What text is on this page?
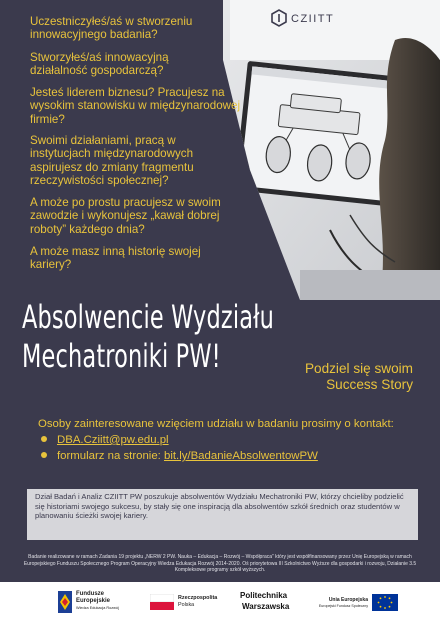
CZIITT
Uczestniczyłeś/aś w stworzeniu innowacyjnego badania?
Stworzyłeś/aś innowacyjną działalność gospodarczą?
Jesteś liderem biznesu? Pracujesz na wysokim stanowisku w międzynarodowej firmie?
Swoimi działaniami, pracą w instytucjach międzynarodowych aspirujesz do zmiany fragmentu rzeczywistości społecznej?
A może po prostu pracujesz w swoim zawodzie i wykonujesz „kawał dobrej roboty” każdego dnia?
A może masz inną historię swojej kariery?
Absolwencie Wydziału
Mechatroniki PW!	Podziel się swoim
Success Story
Osoby zainteresowane wzięciem udziału w badaniu prosimy o kontakt:
DBA.Cziitt@pw.edu.pl
formularz na stronie: bit.ly/BadanieAbsolwentowPW
Dział Badań i Analiz CZIITT PW poszukuje absolwentów Wydziału Mechatroniki PW, którzy chcieliby podzielić się historiami swojego sukcesu, by stały się one inspiracją dla absolwentów szkół średnich oraz studentów w planowaniu ścieżki swojej kariery.
Badanie realizowane w ramach Zadania 19 projektu „NERW 2 PW. Nauka – Edukacja – Rozwój – Współpraca” który jest współfinansowany przez Unię Europejską w ramach Europejskiego Funduszu Społecznego Program Operacyjny Wiedza Edukacja Rozwój 2014-2020. Oś priorytetowa III Szkolnictwo Wyższe dla gospodarki i rozwoju, Działanie 3.5 Kompleksowe programy szkół wyższych.
Fundusze
Europejskie
Wiedza Edukacja Rozwój
Rzeczpospolita
Polska
Politechnika
Warszawska
Unia Europejska
Europejski Fundusz Społeczny
